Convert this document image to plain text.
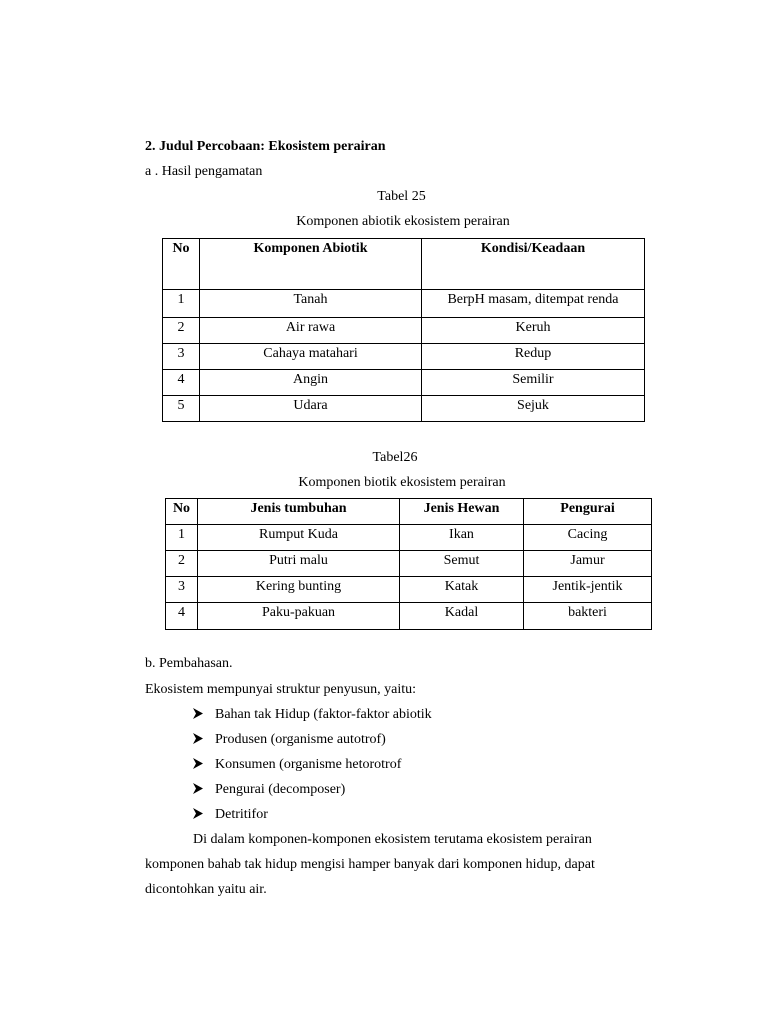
2. Judul Percobaan: Ekosistem perairan
a . Hasil pengamatan
Tabel 25
Komponen abiotik ekosistem perairan
No	Komponen Abiotik	Kondisi/Keadaan
1	Tanah	BerpH masam, ditempat renda
2	Air rawa	Keruh
3	Cahaya matahari	Redup
4	Angin	Semilir
5	Udara	Sejuk
Tabel26
Komponen biotik ekosistem perairan
No	Jenis tumbuhan	Jenis Hewan	Pengurai
1	Rumput Kuda	Ikan	Cacing
2	Putri malu	Semut	Jamur
3	Kering bunting	Katak	Jentik-jentik
4	Paku-pakuan	Kadal	bakteri
b. Pembahasan.
Ekosistem mempunyai struktur penyusun, yaitu:
Bahan tak Hidup (faktor-faktor abiotik
Produsen (organisme autotrof)
Konsumen (organisme hetorotrof
Pengurai (decomposer)
Detritifor
Di dalam komponen-komponen ekosistem terutama ekosistem perairan
komponen bahab tak hidup mengisi hamper banyak dari komponen hidup, dapat
dicontohkan yaitu air.
